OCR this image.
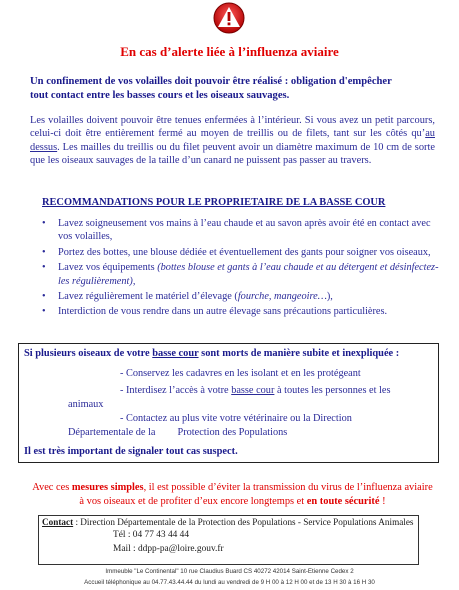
En cas d’alerte liée à l’influenza aviaire
Un confinement de vos volailles doit pouvoir être réalisé : obligation d'empêcher
tout contact entre les basses cours et les oiseaux sauvages.
Les volailles doivent pouvoir être tenues enfermées à l’intérieur. Si vous avez un petit parcours, celui-ci doit être entièrement fermé au moyen de treillis ou de filets, tant sur les côtés qu’au dessus. Les mailles du treillis ou du filet peuvent avoir un diamètre maximum de 10 cm de sorte que les oiseaux sauvages de la taille d’un canard ne puissent pas passer au travers.
RECOMMANDATIONS POUR LE PROPRIETAIRE DE LA BASSE COUR
• Lavez soigneusement vos mains à l’eau chaude et au savon après avoir été en contact avec vos volailles,
• Portez des bottes, une blouse dédiée et éventuellement des gants pour soigner vos oiseaux,
• Lavez vos équipements (bottes blouse et gants à l’eau chaude et au détergent et désinfectez-les régulièrement),
• Lavez régulièrement le matériel d’élevage (fourche, mangeoire…),
• Interdiction de vous rendre dans un autre élevage sans précautions particulières.
Si plusieurs oiseaux de votre basse cour sont morts de manière subite et inexpliquée :
- Conservez les cadavres en les isolant et en les protégeant
- Interdisez l’accès à votre basse cour à toutes les personnes et les
animaux
- Contactez au plus vite votre vétérinaire ou la Direction
Départementale de la Protection des Populations
Il est très important de signaler tout cas suspect.
Avec ces mesures simples, il est possible d’éviter la transmission du virus de l’influenza aviaire à vos oiseaux et de profiter d’eux encore longtemps et en toute sécurité !
Contact : Direction Départementale de la Protection des Populations - Service Populations Animales
Tél : 04 77 43 44 44
Mail : ddpp-pa@loire.gouv.fr
Immeuble "Le Continental" 10 rue Claudius Buard CS 40272 42014 Saint-Etienne Cedex 2
Accueil téléphonique au 04.77.43.44.44 du lundi au vendredi de 9 H 00 à 12 H 00 et de 13 H 30 à 16 H 30
